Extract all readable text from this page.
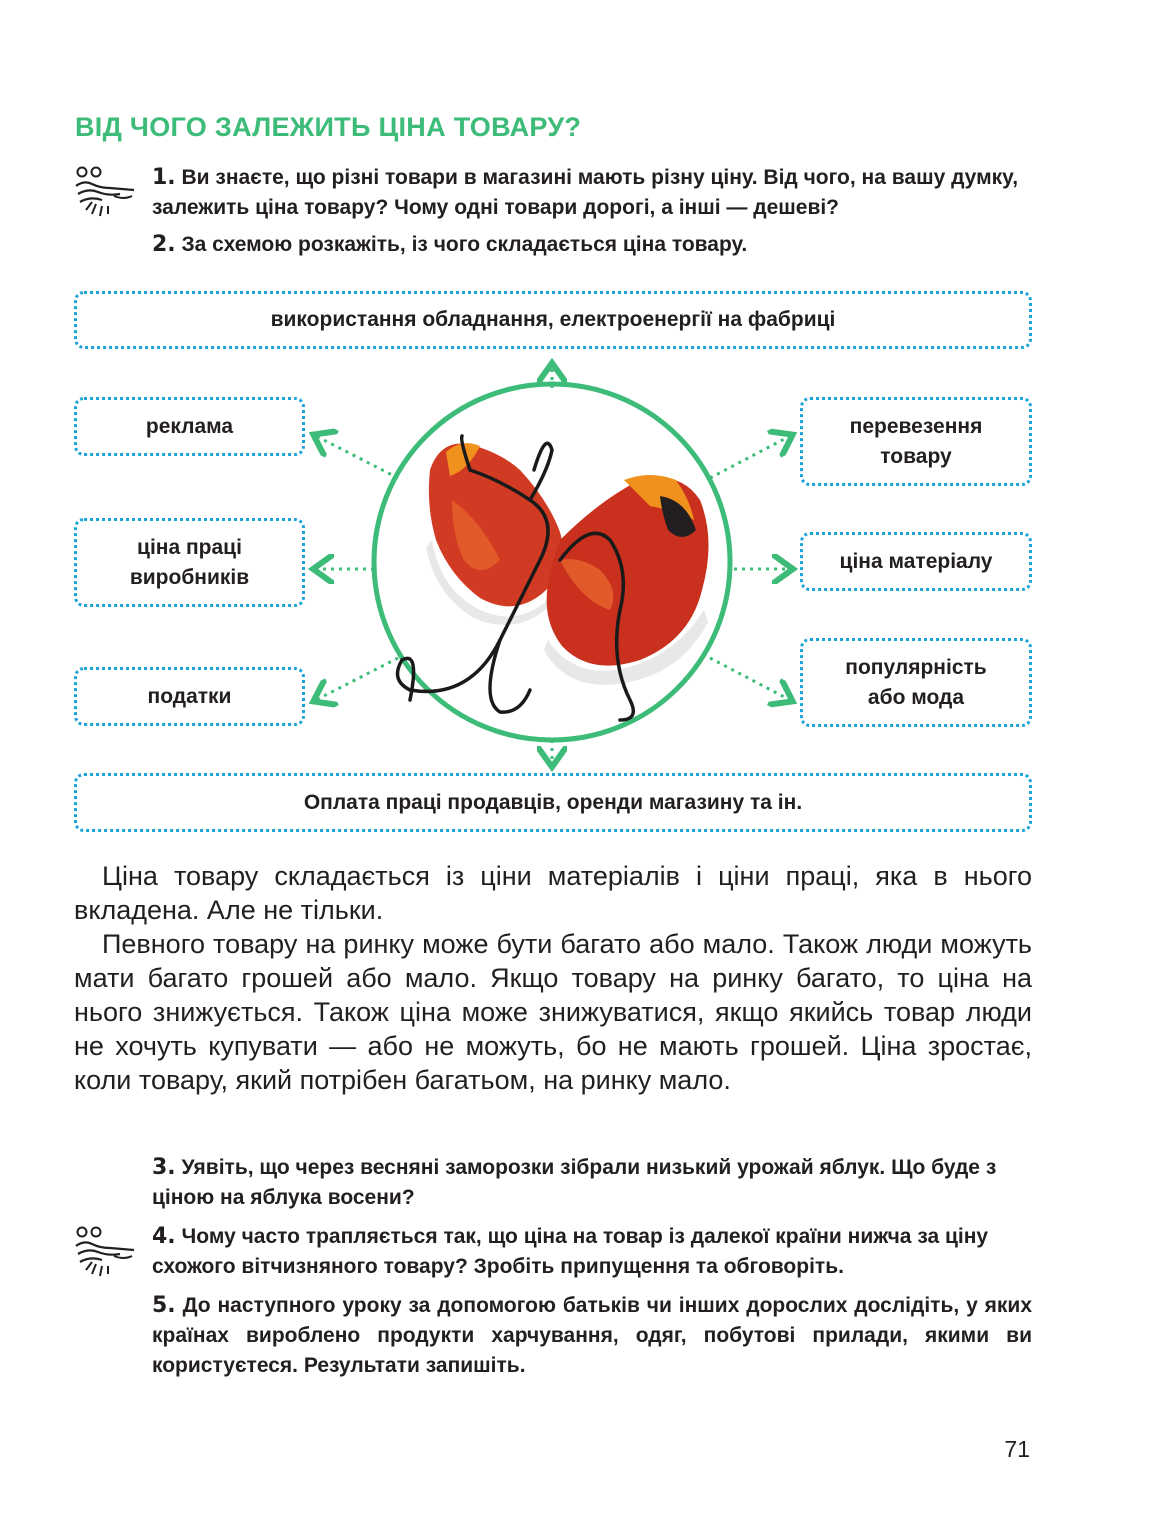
ВІД ЧОГО ЗАЛЕЖИТЬ ЦІНА ТОВАРУ?
1. Ви знаєте, що різні товари в магазині мають різну ціну. Від чого, на вашу думку, залежить ціна товару? Чому одні товари дорогі, а інші — дешеві?
2. За схемою розкажіть, із чого складається ціна товару.
використання обладнання, електроенергії на фабриці
реклама
ціна праці виробників
податки
перевезення товару
ціна матеріалу
популярність або мода
Оплата праці продавців, оренди магазину та ін.
Ціна товару складається із ціни матеріалів і ціни праці, яка в нього вкладена. Але не тільки.
Певного товару на ринку може бути багато або мало. Також люди можуть мати багато грошей або мало. Якщо товару на ринку багато, то ціна на нього знижується. Також ціна може знижуватися, якщо якийсь товар люди не хочуть купувати — або не можуть, бо не мають грошей. Ціна зростає, коли товару, який потрібен багатьом, на ринку мало.
3. Уявіть, що через весняні заморозки зібрали низький урожай яблук. Що буде з ціною на яблука восени?
4. Чому часто трапляється так, що ціна на товар із далекої країни нижча за ціну схожого вітчизняного товару? Зробіть припущення та обговоріть.
5. До наступного уроку за допомогою батьків чи інших дорослих дослідіть, у яких країнах вироблено продукти харчування, одяг, побутові прилади, якими ви користуєтеся. Результати запишіть.
71
